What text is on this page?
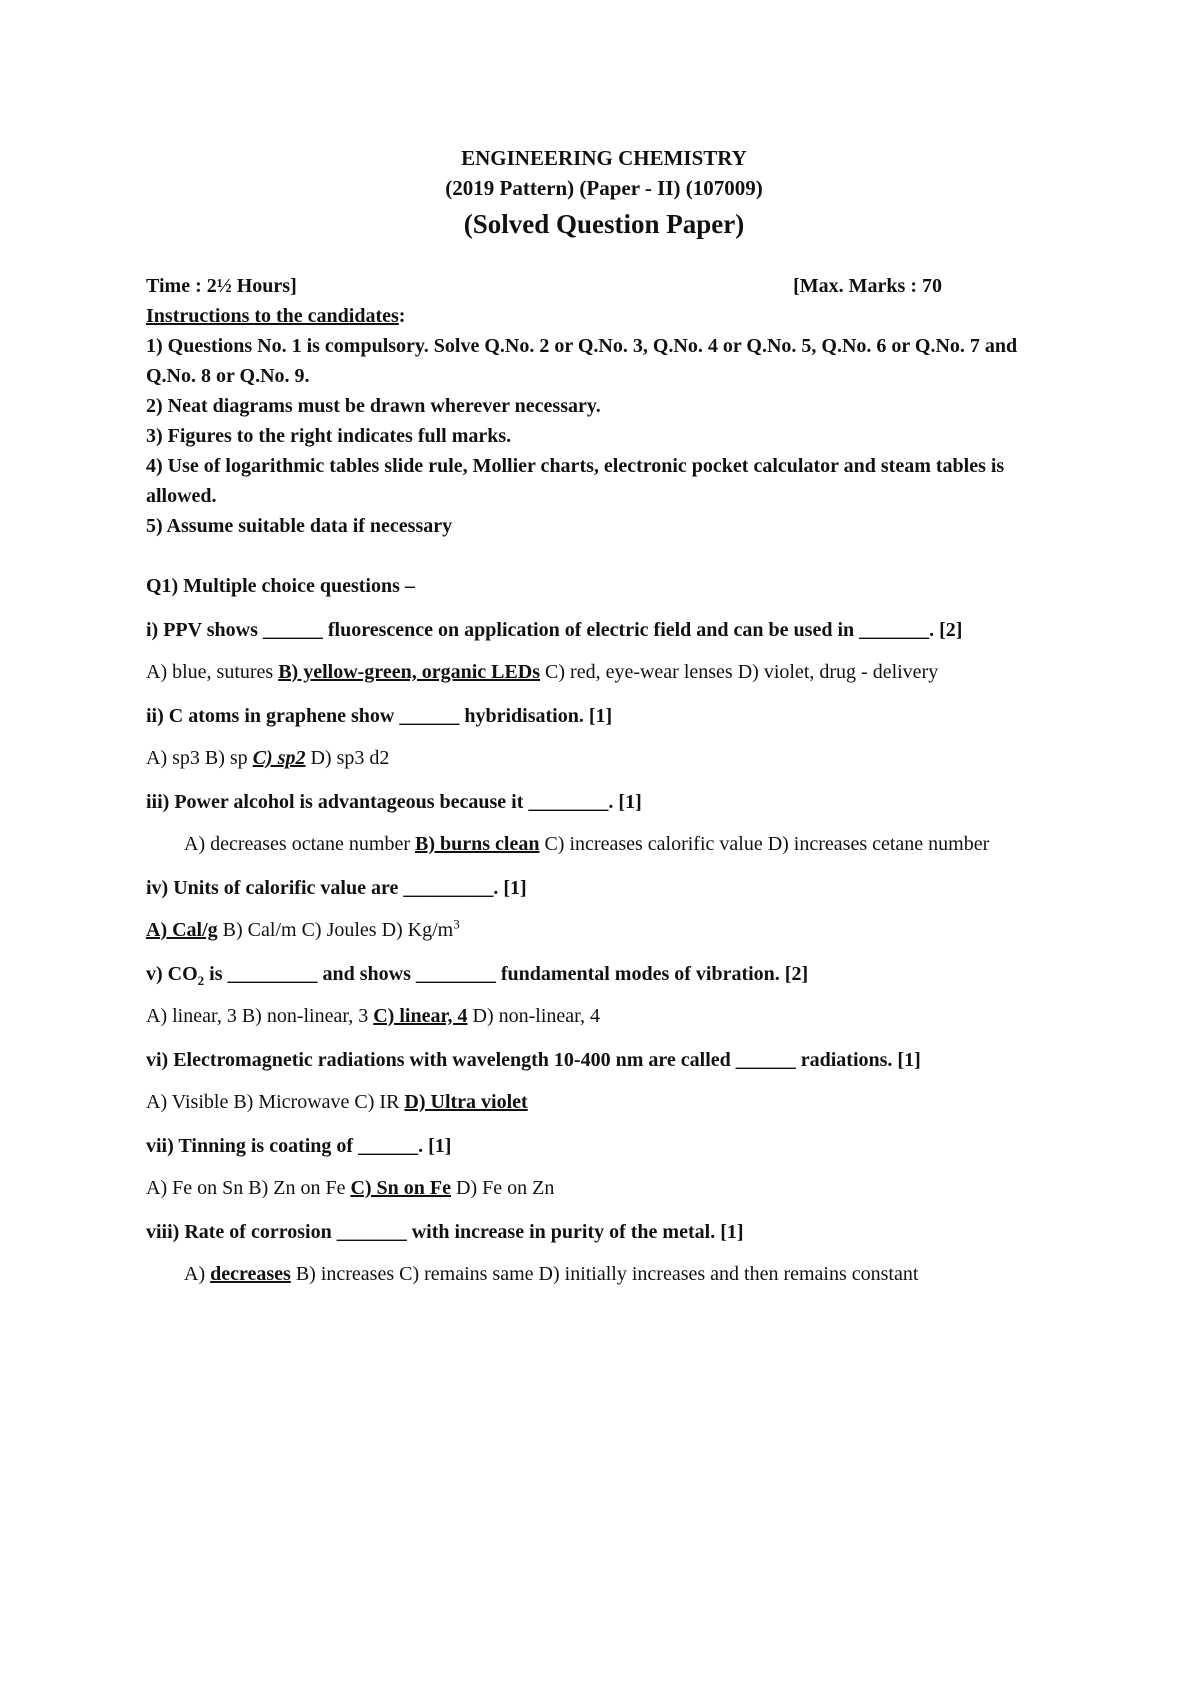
ENGINEERING CHEMISTRY
(2019 Pattern) (Paper - II) (107009)
(Solved Question Paper)
Time : 2½ Hours]	[Max. Marks : 70
Instructions to the candidates:
1) Questions No. 1 is compulsory. Solve Q.No. 2 or Q.No. 3, Q.No. 4 or Q.No. 5, Q.No. 6 or Q.No. 7 and Q.No. 8 or Q.No. 9.
2) Neat diagrams must be drawn wherever necessary.
3) Figures to the right indicates full marks.
4) Use of logarithmic tables slide rule, Mollier charts, electronic pocket calculator and steam tables is allowed.
5) Assume suitable data if necessary
Q1) Multiple choice questions –
i) PPV shows ______ fluorescence on application of electric field and can be used in _______. [2]
A) blue, sutures B) yellow-green, organic LEDs C) red, eye-wear lenses D) violet, drug - delivery
ii) C atoms in graphene show ______ hybridisation. [1]
A) sp3 B) sp C) sp2 D) sp3 d2
iii) Power alcohol is advantageous because it ________. [1]
A) decreases octane number B) burns clean C) increases calorific value D) increases cetane number
iv) Units of calorific value are _________. [1]
A) Cal/g B) Cal/m C) Joules D) $Kg/m^3$
v) $CO_2$ is _________ and shows ________ fundamental modes of vibration. [2]
A) linear, 3 B) non-linear, 3 C) linear, 4 D) non-linear, 4
vi) Electromagnetic radiations with wavelength 10-400 nm are called ______ radiations. [1]
A) Visible B) Microwave C) IR D) Ultra violet
vii) Tinning is coating of ______. [1]
A) Fe on Sn B) Zn on Fe C) Sn on Fe D) Fe on Zn
viii) Rate of corrosion _______ with increase in purity of the metal. [1]
A) decreases B) increases C) remains same D) initially increases and then remains constant
